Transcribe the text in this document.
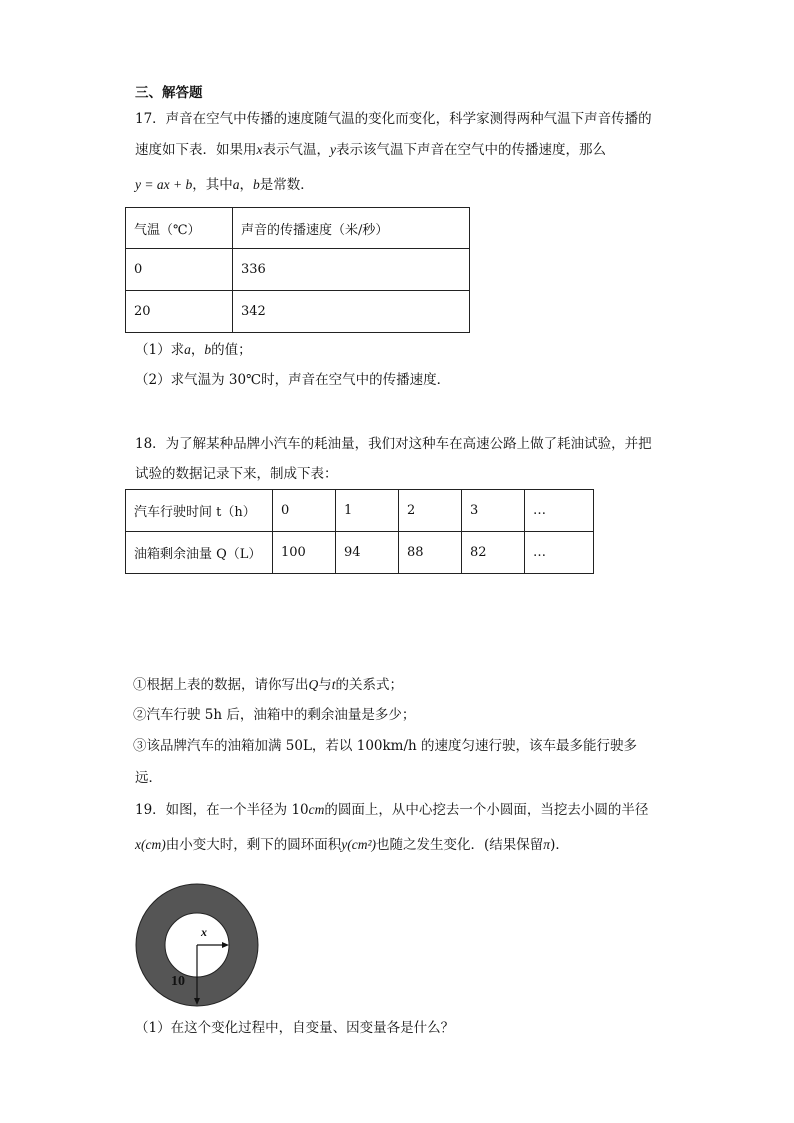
三、解答题
17．声音在空气中传播的速度随气温的变化而变化，科学家测得两种气温下声音传播的
速度如下表．如果用x表示气温，y表示该气温下声音在空气中的传播速度，那么
y = ax + b，其中a，b是常数．
气温（℃）	声音的传播速度（米/秒）
0	336
20	342
（1）求a，b的值；
（2）求气温为 30℃时，声音在空气中的传播速度．
18．为了解某种品牌小汽车的耗油量，我们对这种车在高速公路上做了耗油试验，并把
试验的数据记录下来，制成下表：
汽车行驶时间 t（h）	0	1	2	3	…
油箱剩余油量 Q（L）	100	94	88	82	…
①根据上表的数据，请你写出Q与t的关系式；
②汽车行驶 5h 后，油箱中的剩余油量是多少；
③该品牌汽车的油箱加满 50L，若以 100km/h 的速度匀速行驶，该车最多能行驶多
远．
19．如图，在一个半径为 10cm的圆面上，从中心挖去一个小圆面，当挖去小圆的半径
x(cm)由小变大时，剩下的圆环面积y(cm²)也随之发生变化．(结果保留π)．
x
10
（1）在这个变化过程中，自变量、因变量各是什么？
